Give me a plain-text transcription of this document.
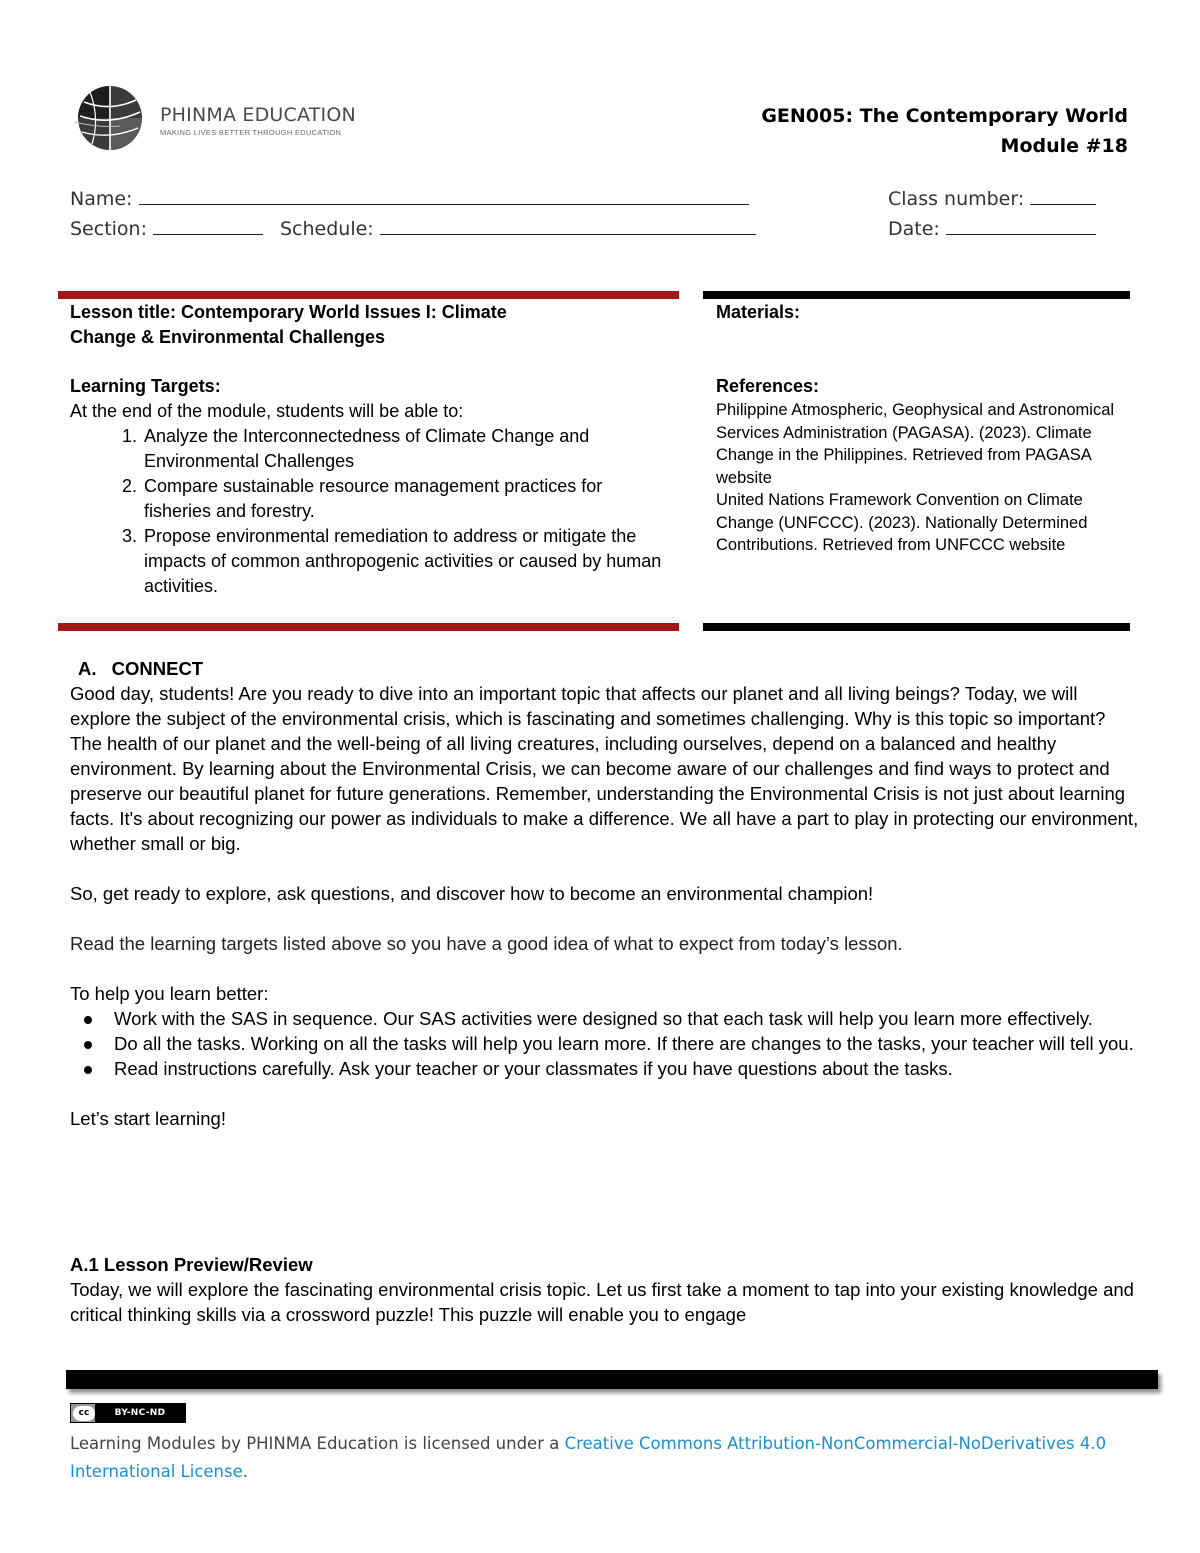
PHINMA EDUCATION
MAKING LIVES BETTER THROUGH EDUCATION
GEN005: The Contemporary World
Module #18
Name:	Class number:
Section:	Schedule:	Date:
Lesson title: Contemporary World Issues I: Climate
Change & Environmental Challenges
Learning Targets:
At the end of the module, students will be able to:
1. Analyze the Interconnectedness of Climate Change and Environmental Challenges
2. Compare sustainable resource management practices for fisheries and forestry.
3. Propose environmental remediation to address or mitigate the impacts of common anthropogenic activities or caused by human activities.
Materials:
References:
Philippine Atmospheric, Geophysical and Astronomical Services Administration (PAGASA). (2023). Climate Change in the Philippines. Retrieved from PAGASA website
United Nations Framework Convention on Climate Change (UNFCCC). (2023). Nationally Determined Contributions. Retrieved from UNFCCC website
A. CONNECT
Good day, students! Are you ready to dive into an important topic that affects our planet and all living beings? Today, we will explore the subject of the environmental crisis, which is fascinating and sometimes challenging. Why is this topic so important? The health of our planet and the well-being of all living creatures, including ourselves, depend on a balanced and healthy environment. By learning about the Environmental Crisis, we can become aware of our challenges and find ways to protect and preserve our beautiful planet for future generations. Remember, understanding the Environmental Crisis is not just about learning facts. It's about recognizing our power as individuals to make a difference. We all have a part to play in protecting our environment, whether small or big.
So, get ready to explore, ask questions, and discover how to become an environmental champion!
Read the learning targets listed above so you have a good idea of what to expect from today’s lesson.
To help you learn better:
Work with the SAS in sequence. Our SAS activities were designed so that each task will help you learn more effectively.
Do all the tasks. Working on all the tasks will help you learn more. If there are changes to the tasks, your teacher will tell you.
Read instructions carefully. Ask your teacher or your classmates if you have questions about the tasks.
Let’s start learning!
A.1 Lesson Preview/Review
Today, we will explore the fascinating environmental crisis topic. Let us first take a moment to tap into your existing knowledge and critical thinking skills via a crossword puzzle! This puzzle will enable you to engage
cc	BY-NC-ND
Learning Modules by PHINMA Education is licensed under a Creative Commons Attribution-NonCommercial-NoDerivatives 4.0 International License.
